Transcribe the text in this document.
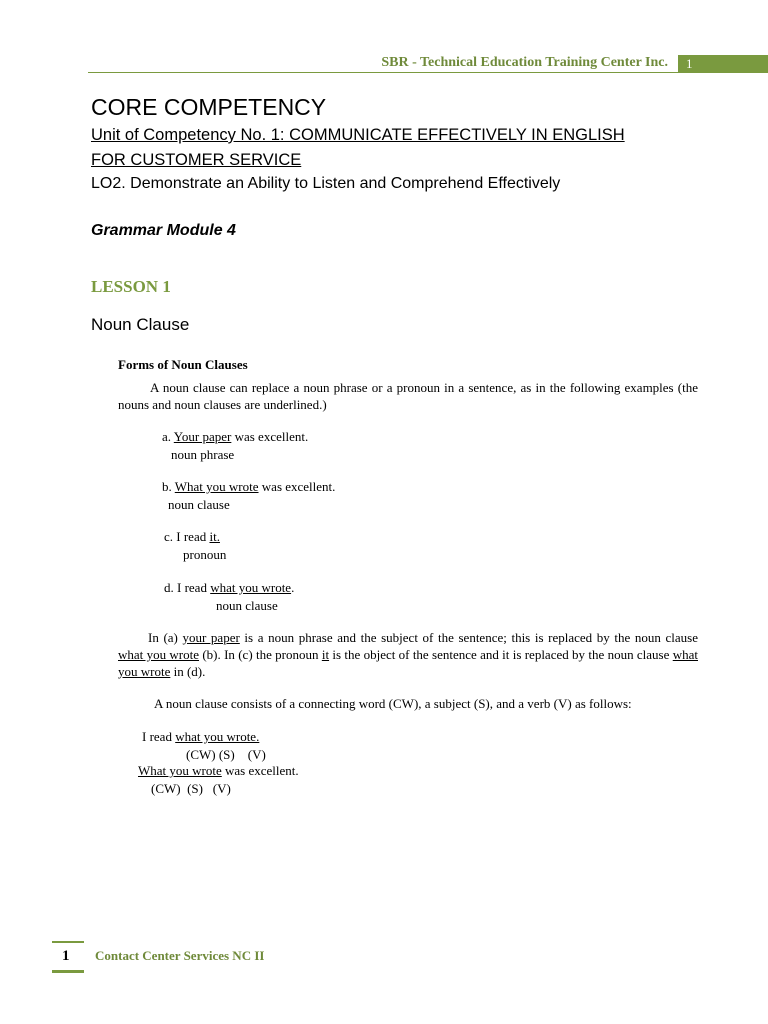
SBR - Technical Education Training Center Inc. 1
CORE COMPETENCY
Unit of Competency No. 1: COMMUNICATE EFFECTIVELY IN ENGLISH
FOR CUSTOMER SERVICE
LO2. Demonstrate an Ability to Listen and Comprehend Effectively
Grammar Module 4
LESSON 1
Noun Clause
Forms of Noun Clauses
A noun clause can replace a noun phrase or a pronoun in a sentence, as in the following examples (the nouns and noun clauses are underlined.)
a. Your paper was excellent.
noun phrase
b. What you wrote was excellent.
noun clause
c. I read it.
pronoun
d. I read what you wrote.
noun clause
In (a) your paper is a noun phrase and the subject of the sentence; this is replaced by the noun clause what you wrote (b). In (c) the pronoun it is the object of the sentence and it is replaced by the noun clause what you wrote in (d).
A noun clause consists of a connecting word (CW), a subject (S), and a verb (V) as follows:
I read what you wrote.
(CW) (S)    (V)
What you wrote was excellent.
(CW)  (S)   (V)
1 Contact Center Services NC II
